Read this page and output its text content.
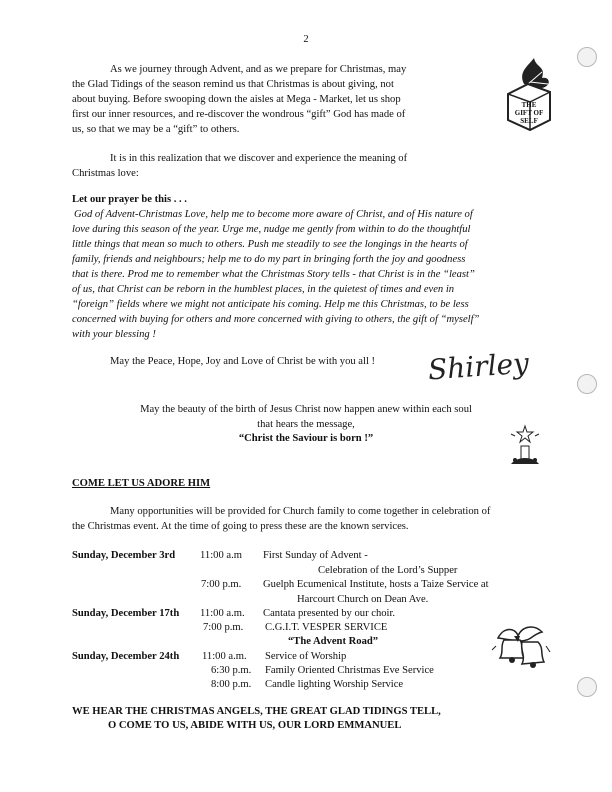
2
As we journey through Advent, and as we prepare for Christmas, may
the Glad Tidings of the season remind us that Christmas is about giving, not
about buying. Before swooping down the aisles at Mega - Market, let us shop
first our inner resources, and re-discover the wondrous “gift” God has made of
us, so that we may be a “gift” to others.
THE
GIFT OF
SELF
It is in this realization that we discover and experience the meaning of
Christmas love:
Let our prayer be this . . .
God of Advent-Christmas Love, help me to become more aware of Christ, and of His nature of
love during this season of the year. Urge me, nudge me gently from within to do the thoughtful
little things that mean so much to others. Push me steadily to see the longings in the hearts of
family, friends and neighbours; help me to do my part in bringing forth the joy and goodness
that is there. Prod me to remember what the Christmas Story tells - that Christ is in the “least”
of us, that Christ can be reborn in the humblest places, in the quietest of times and even in
“foreign” fields where we might not anticipate his coming. Help me this Christmas, to be less
concerned with buying for others and more concerned with giving to others, the gift of “myself”
with your blessing !
May the Peace, Hope, Joy and Love of Christ be with you all ! Shirley
May the beauty of the birth of Jesus Christ now happen anew within each soul
that hears the message,
“Christ the Saviour is born !”
COME LET US ADORE HIM
Many opportunities will be provided for Church family to come together in celebration of
the Christmas event. At the time of going to press these are the known services.
Sunday, December 3rd 11:00 a.m First Sunday of Advent -
Celebration of the Lord’s Supper
7:00 p.m. Guelph Ecumenical Institute, hosts a Taize Service at
Harcourt Church on Dean Ave.
Sunday, December 17th 11:00 a.m. Cantata presented by our choir.
7:00 p.m. C.G.I.T. VESPER SERVICE
“The Advent Road”
Sunday, December 24th 11:00 a.m. Service of Worship
6:30 p.m. Family Oriented Christmas Eve Service
8:00 p.m. Candle lighting Worship Service
WE HEAR THE CHRISTMAS ANGELS, THE GREAT GLAD TIDINGS TELL,
O COME TO US, ABIDE WITH US, OUR LORD EMMANUEL
